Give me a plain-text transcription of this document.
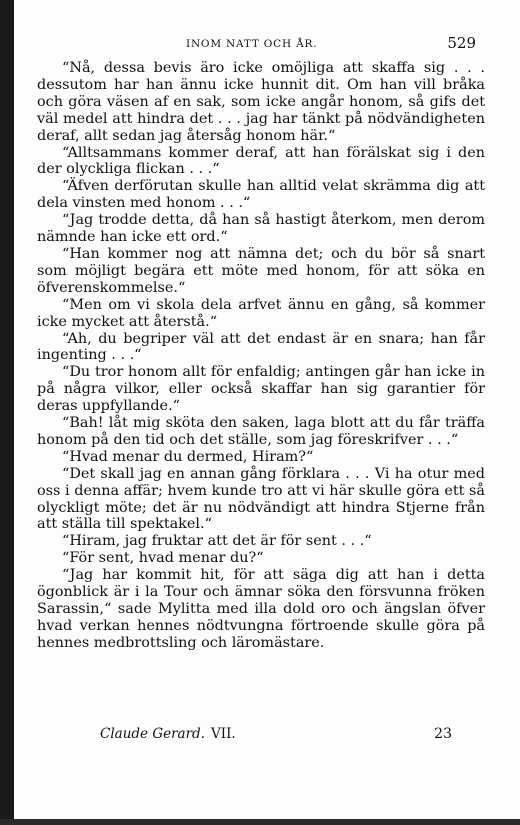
INOM NATT OCH ÅR.	529

“Nå, dessa bevis äro icke omöjliga att skaffa sig . . . dessutom har han ännu icke hunnit dit. Om han vill bråka och göra väsen af en sak, som icke angår honom, så gifs det väl medel att hindra det . . . jag har tänkt på nödvändigheten deraf, allt sedan jag återsåg honom här.“

“Alltsammans kommer deraf, att han förälskat sig i den der olyckliga flickan . . .“

“Äfven derförutan skulle han alltid velat skrämma dig att dela vinsten med honom . . .“

“Jag trodde detta, då han så hastigt återkom, men derom nämnde han icke ett ord.“

“Han kommer nog att nämna det; och du bör så snart som möjligt begära ett möte med honom, för att söka en öfverenskommelse.“

“Men om vi skola dela arfvet ännu en gång, så kommer icke mycket att återstå.“

“Ah, du begriper väl att det endast är en snara; han får ingenting . . .“

“Du tror honom allt för enfaldig; antingen går han icke in på några vilkor, eller också skaffar han sig garantier för deras uppfyllande.“

“Bah! låt mig sköta den saken, laga blott att du får träffa honom på den tid och det ställe, som jag föreskrifver . . .“

“Hvad menar du dermed, Hiram?“

“Det skall jag en annan gång förklara . . . Vi ha otur med oss i denna affär; hvem kunde tro att vi här skulle göra ett så olyckligt möte; det är nu nödvändigt att hindra Stjerne från att ställa till spektakel.“

“Hiram, jag fruktar att det är för sent . . .“

“För sent, hvad menar du?“

“Jag har kommit hit, för att säga dig att han i detta ögonblick är i la Tour och ämnar söka den försvunna fröken Sarassin,“ sade Mylitta med illa dold oro och ängslan öfver hvad verkan hennes nödtvungna förtroende skulle göra på hennes medbrottsling och läromästare.

Claude Gerard. VII.	23
